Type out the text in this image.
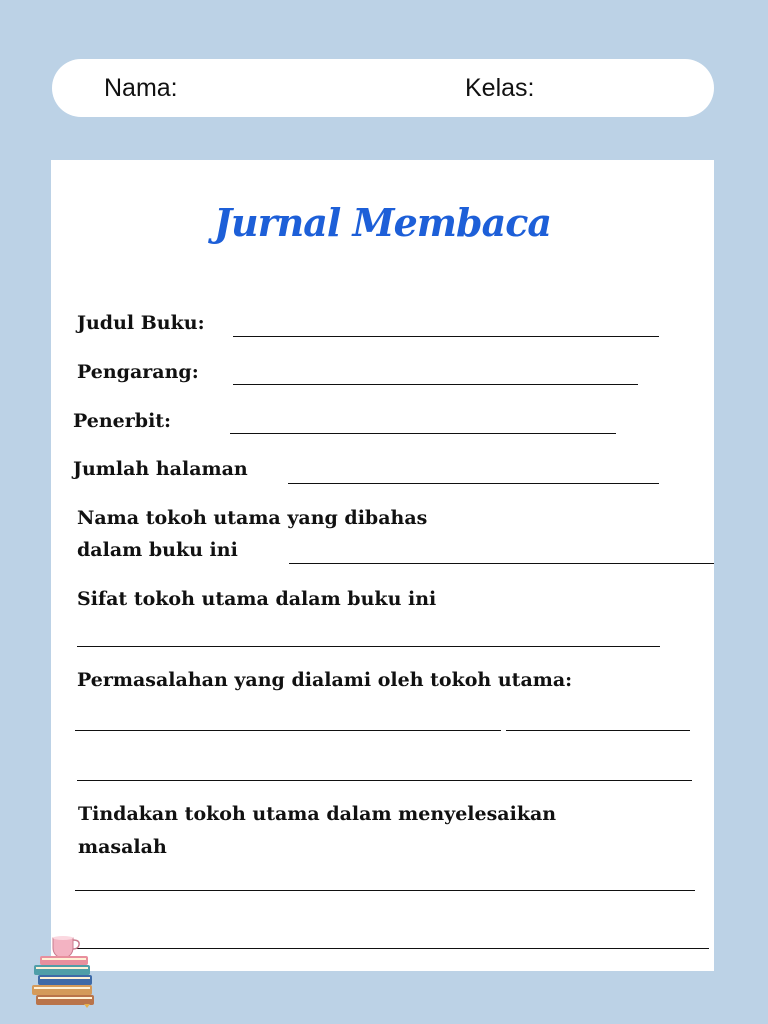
Nama:	Kelas:
Jurnal Membaca

Judul Buku:

Pengarang:

Penerbit:

Jumlah halaman

Nama tokoh utama yang dibahas

dalam buku ini

Sifat tokoh utama dalam buku ini

Permasalahan yang dialami oleh tokoh utama:

Tindakan tokoh utama dalam menyelesaikan

masalah
